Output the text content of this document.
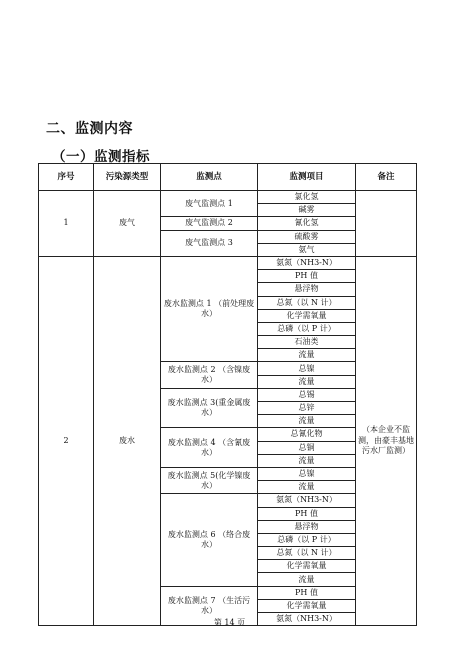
二、监测内容
（一）监测指标
序号	污染源类型	监测点	监测项目	备注
1	废气	废气监测点 1	氯化氢	
			碱雾	
		废气监测点 2	氰化氢	
		废气监测点 3	硫酸雾	
			氨气	
2	废水	废水监测点 1 （前处理废水）	氨氮（NH3-N）	（本企业不监测，由豪丰基地污水厂监测）
			PH 值	
			悬浮物	
			总氮（以 N 计）	
			化学需氧量	
			总磷（以 P 计）	
			石油类	
			流量	
		废水监测点 2 （含镍废水）	总镍	
			流量	
		废水监测点 3(重金属废水）	总锡	
			总锌	
			流量	
		废水监测点 4 （含氰废水）	总氰化物	
			总铜	
			流量	
		废水监测点 5(化学镍废水）	总镍	
			流量	
		废水监测点 6 （络合废水）	氨氮（NH3-N）	
			PH 值	
			悬浮物	
			总磷（以 P 计）	
			总氮（以 N 计）	
			化学需氧量	
			流量	
		废水监测点 7 （生活污水）	PH 值	
			化学需氧量	
			氨氮（NH3-N）	
第 14 页
